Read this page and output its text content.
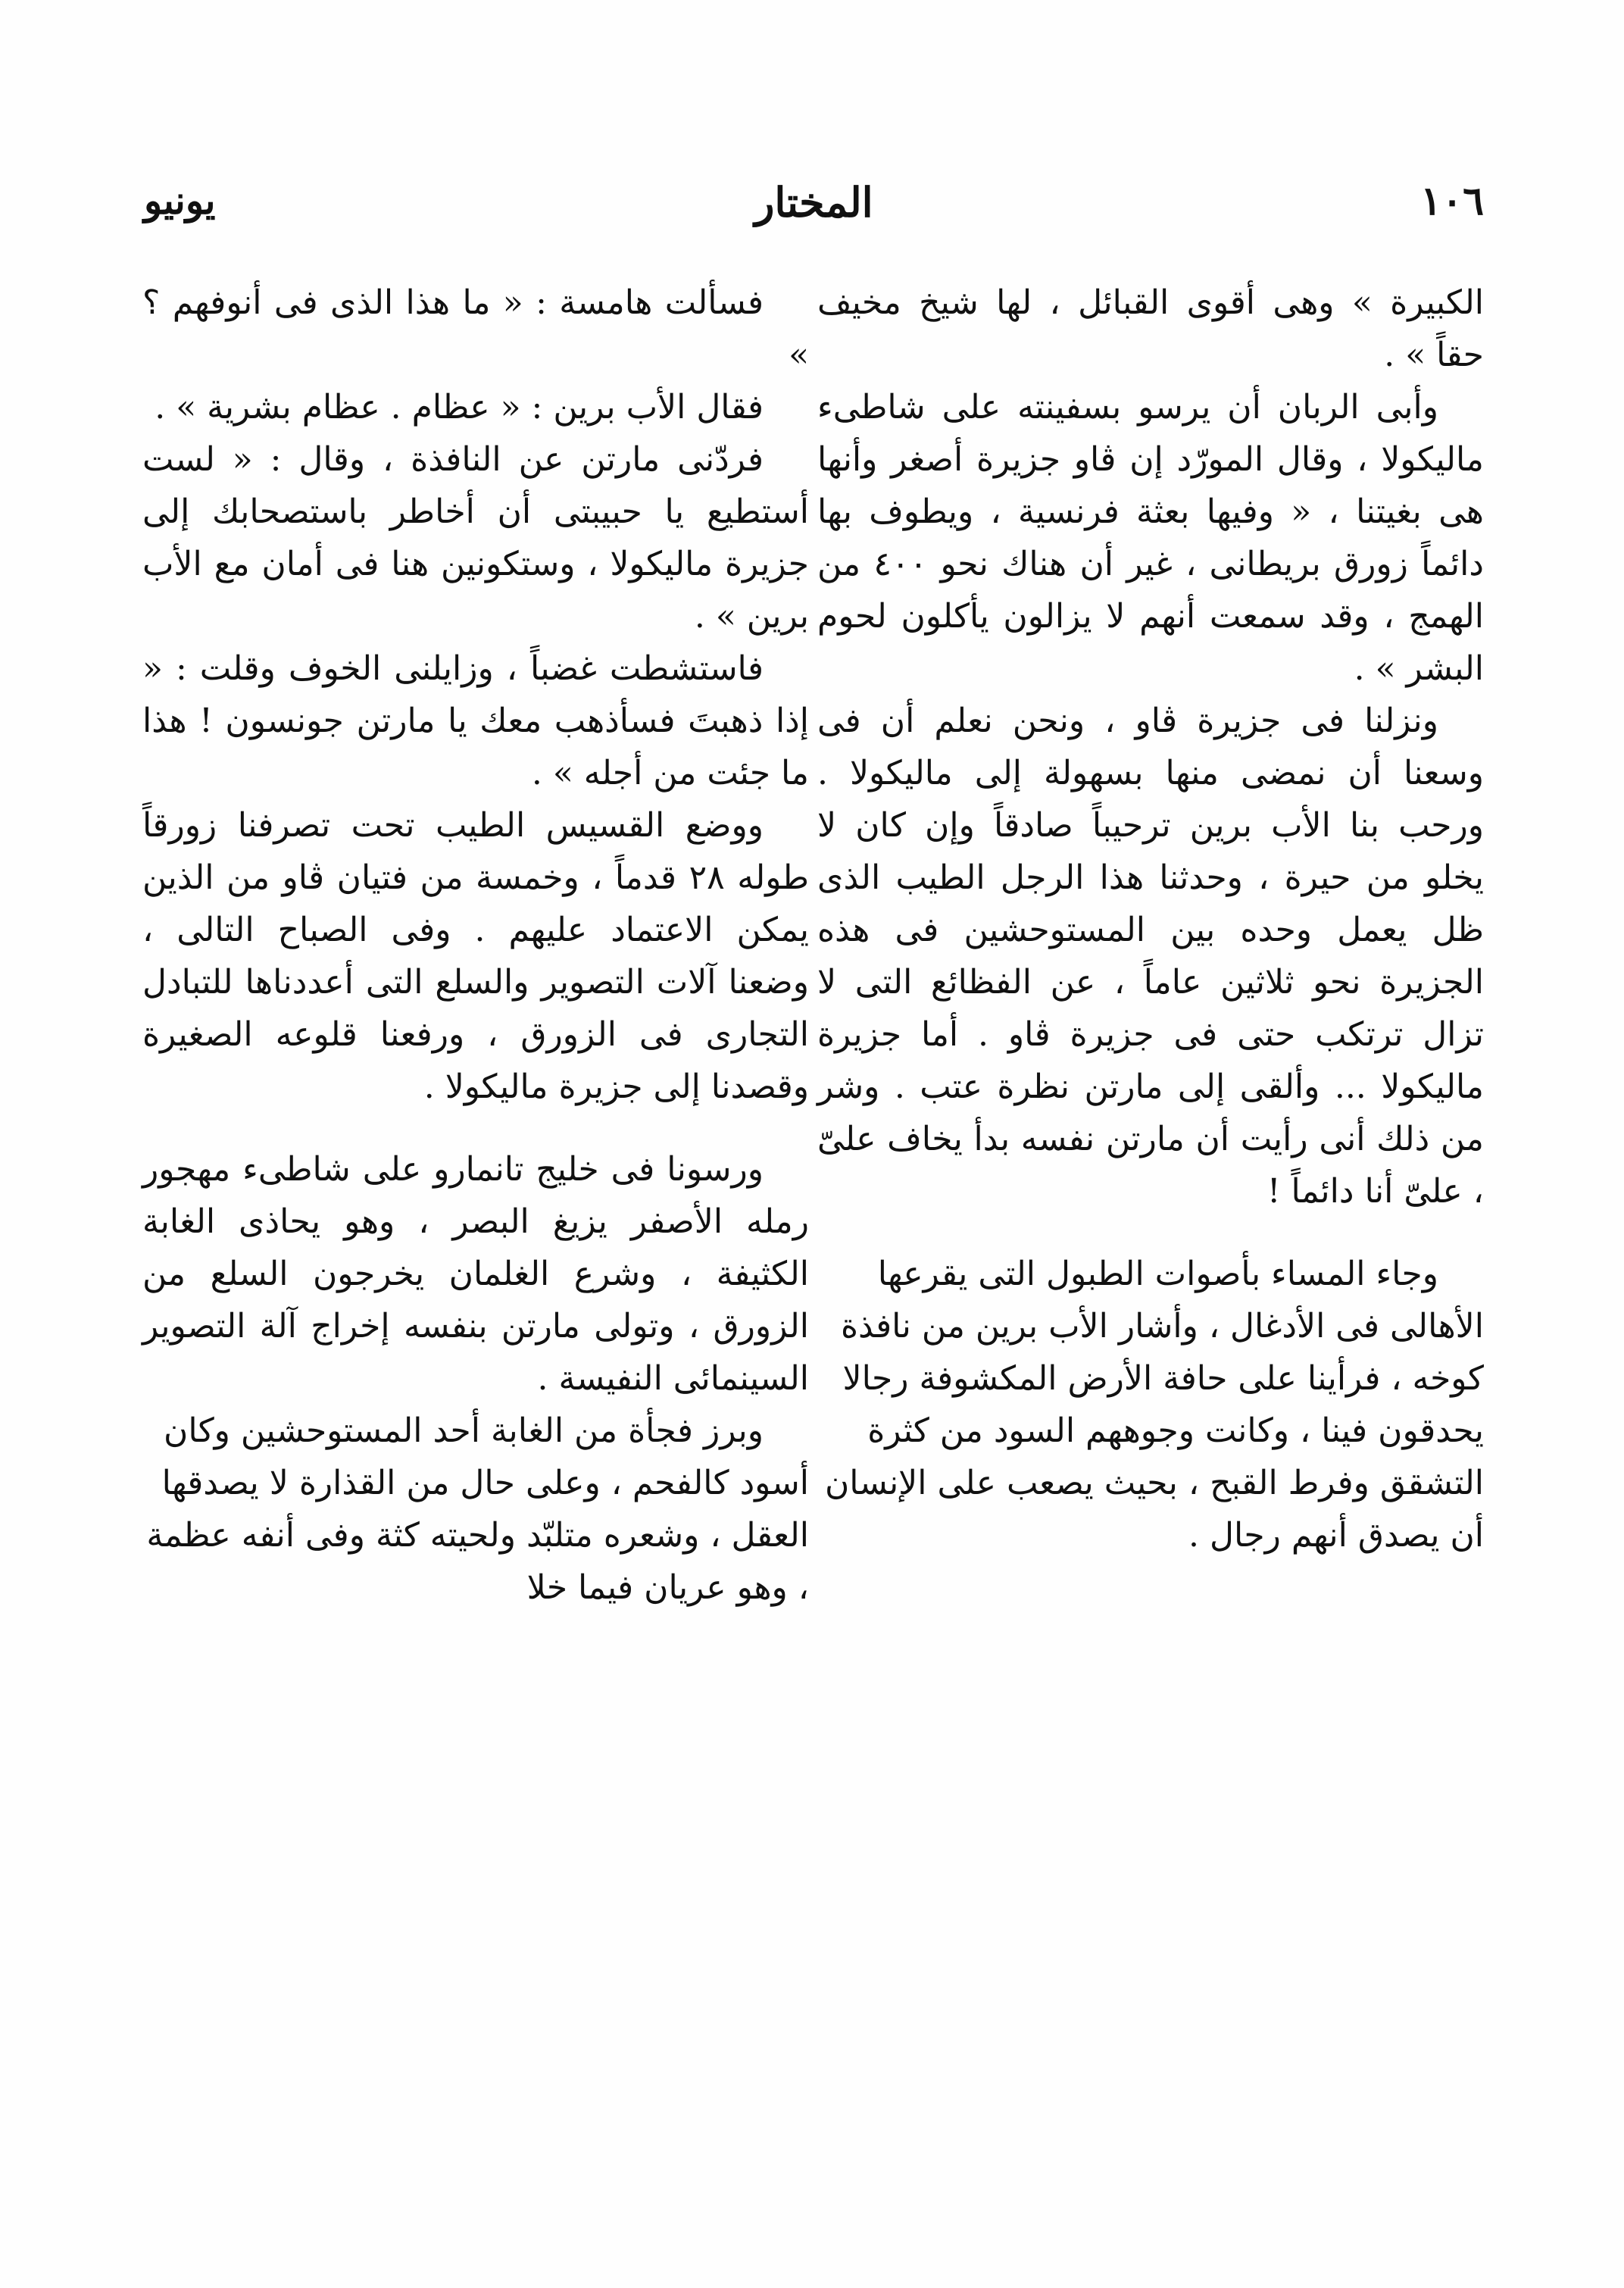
يونيو	المختار	١٠٦

الكبيرة » وهى أقوى القبائل ، لها شيخ مخيف حقاً » .

وأبى الربان أن يرسو بسفينته على شاطىء ماليكولا ، وقال المورّد إن ڤاو جزيرة أصغر وأنها هى بغيتنا ، « وفيها بعثة فرنسية ، ويطوف بها دائماً زورق بريطانى ، غير أن هناك نحو ٤٠٠ من الهمج ، وقد سمعت أنهم لا يزالون يأكلون لحوم البشر » .

ونزلنا فى جزيرة ڤاو ، ونحن نعلم أن فى وسعنا أن نمضى منها بسهولة إلى ماليكولا . ورحب بنا الأب برين ترحيباً صادقاً وإن كان لا يخلو من حيرة ، وحدثنا هذا الرجل الطيب الذى ظل يعمل وحده بين المستوحشين فى هذه الجزيرة نحو ثلاثين عاماً ، عن الفظائع التى لا تزال ترتكب حتى فى جزيرة ڤاو . أما جزيرة ماليكولا ... وألقى إلى مارتن نظرة عتب . وشر من ذلك أنى رأيت أن مارتن نفسه بدأ يخاف علىّ ، علىّ أنا دائماً !

وجاء المساء بأصوات الطبول التى يقرعها الأهالى فى الأدغال ، وأشار الأب برين من نافذة كوخه ، فرأينا على حافة الأرض المكشوفة رجالا يحدقون فينا ، وكانت وجوههم السود من كثرة التشقق وفرط القبح ، بحيث يصعب على الإنسان أن يصدق أنهم رجال .

فسألت هامسة : « ما هذا الذى فى أنوفهم ؟ »

فقال الأب برين : « عظام . عظام بشرية » .

فردّنى مارتن عن النافذة ، وقال : « لست أستطيع يا حبيبتى أن أخاطر باستصحابك إلى جزيرة ماليكولا ، وستكونين هنا فى أمان مع الأب برين » .

فاستشطت غضباً ، وزايلنى الخوف وقلت : « إذا ذهبتَ فسأذهب معك يا مارتن جونسون ! هذا ما جئت من أجله » .

ووضع القسيس الطيب تحت تصرفنا زورقاً طوله ٢٨ قدماً ، وخمسة من فتيان ڤاو من الذين يمكن الاعتماد عليهم . وفى الصباح التالى ، وضعنا آلات التصوير والسلع التى أعددناها للتبادل التجارى فى الزورق ، ورفعنا قلوعه الصغيرة وقصدنا إلى جزيرة ماليكولا .

ورسونا فى خليج تانمارو على شاطىء مهجور رمله الأصفر يزيغ البصر ، وهو يحاذى الغابة الكثيفة ، وشرع الغلمان يخرجون السلع من الزورق ، وتولى مارتن بنفسه إخراج آلة التصوير السينمائى النفيسة .

وبرز فجأة من الغابة أحد المستوحشين وكان أسود كالفحم ، وعلى حال من القذارة لا يصدقها العقل ، وشعره متلبّد ولحيته كثة وفى أنفه عظمة ، وهو عريان فيما خلا
